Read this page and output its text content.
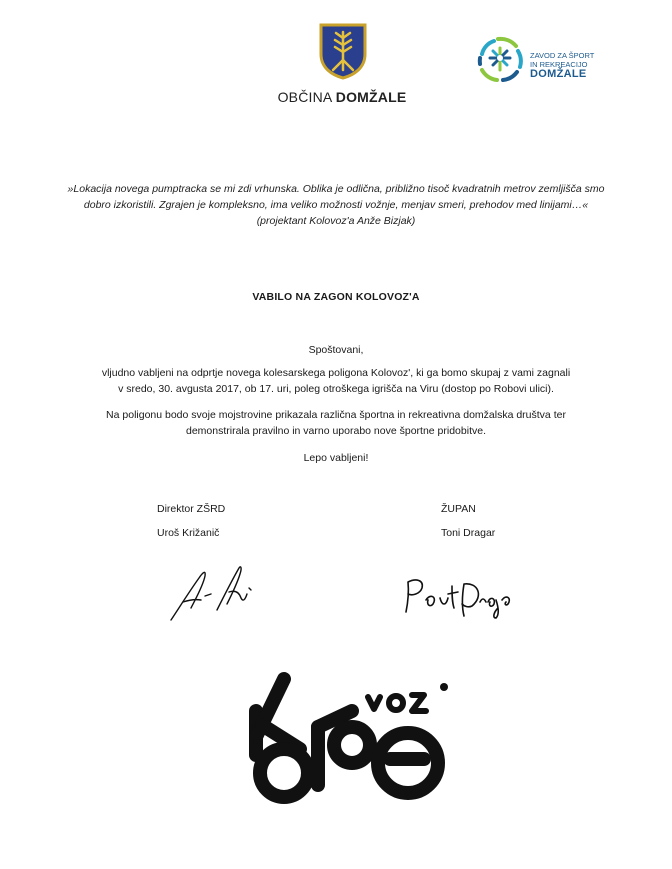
OBČINA DOMŽALE
ZAVOD ZA ŠPORT
IN REKREACIJO
DOMŽALE
»Lokacija novega pumptracka se mi zdi vrhunska. Oblika je odlična, približno tisoč kvadratnih metrov zemljišča smo dobro izkoristili. Zgrajen je kompleksno, ima veliko možnosti vožnje, menjav smeri, prehodov med linijami…« (projektant Kolovoz'a Anže Bizjak)
VABILO NA ZAGON KOLOVOZ'A
Spoštovani,
vljudno vabljeni na odprtje novega kolesarskega poligona Kolovoz', ki ga bomo skupaj z vami zagnali
v sredo, 30. avgusta 2017, ob 17. uri, poleg otroškega igrišča na Viru (dostop po Robovi ulici).
Na poligonu bodo svoje mojstrovine prikazala različna športna in rekreativna domžalska društva ter
demonstrirala pravilno in varno uporabo nove športne pridobitve.
Lepo vabljeni!
Direktor ZŠRD
Uroš Križanič
ŽUPAN
Toni Dragar
